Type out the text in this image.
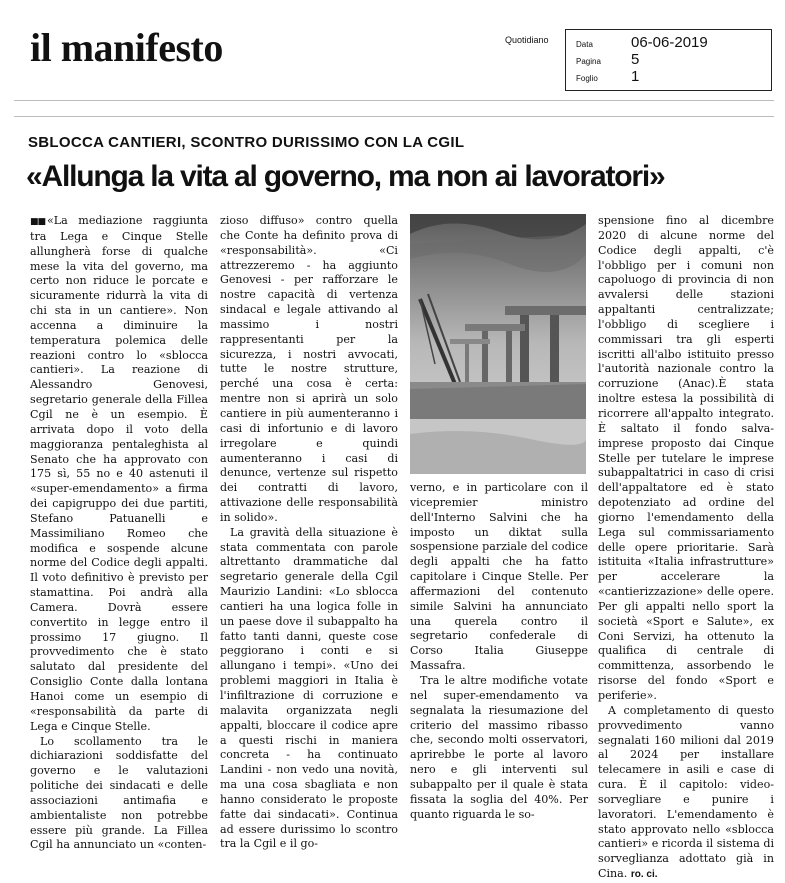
il manifesto	Quotidiano	Data	06-06-2019
Pagina	5
Foglio	1
SBLOCCA CANTIERI, SCONTRO DURISSIMO CON LA CGIL
«Allunga la vita al governo, ma non ai lavoratori»

■■ «La mediazione raggiunta tra Lega e Cinque Stelle allungherà forse di qualche mese la vita del governo, ma certo non riduce le porcate e sicuramente ridurrà la vita di chi sta in un cantiere». Non accenna a diminuire la temperatura polemica delle reazioni contro lo «sblocca cantieri». La reazione di Alessandro Genovesi, segretario generale della Fillea Cgil ne è un esempio. È arrivata dopo il voto della maggioranza pentaleghista al Senato che ha approvato con 175 sì, 55 no e 40 astenuti il «super-emendamento» a firma dei capigruppo dei due partiti, Stefano Patuanelli e Massimiliano Romeo che modifica e sospende alcune norme del Codice degli appalti. Il voto definitivo è previsto per stamattina. Poi andrà alla Camera. Dovrà essere convertito in legge entro il prossimo 17 giugno. Il provvedimento che è stato salutato dal presidente del Consiglio Conte dalla lontana Hanoi come un esempio di «responsabilità da parte di Lega e Cinque Stelle.

Lo scollamento tra le dichiarazioni soddisfatte del governo e le valutazioni politiche dei sindacati e delle associazioni antimafia e ambientaliste non potrebbe essere più grande. La Fillea Cgil ha annunciato un «conten-

zioso diffuso» contro quella che Conte ha definito prova di «responsabilità». «Ci attrezzeremo - ha aggiunto Genovesi - per rafforzare le nostre capacità di vertenza sindacal e legale attivando al massimo i nostri rappresentanti per la sicurezza, i nostri avvocati, tutte le nostre strutture, perché una cosa è certa: mentre non si aprirà un solo cantiere in più aumenteranno i casi di infortunio e di lavoro irregolare e quindi aumenteranno i casi di denunce, vertenze sul rispetto dei contratti di lavoro, attivazione delle responsabilità in solido».

La gravità della situazione è stata commentata con parole altrettanto drammatiche dal segretario generale della Cgil Maurizio Landini: «Lo sblocca cantieri ha una logica folle in un paese dove il subappalto ha fatto tanti danni, queste cose peggiorano i conti e si allungano i tempi». «Uno dei problemi maggiori in Italia è l'infiltrazione di corruzione e malavita organizzata negli appalti, bloccare il codice apre a questi rischi in maniera concreta - ha continuato Landini - non vedo una novità, ma una cosa sbagliata e non hanno considerato le proposte fatte dai sindacati». Continua ad essere durissimo lo scontro tra la Cgil e il go-

verno, e in particolare con il vicepremier ministro dell'Interno Salvini che ha imposto un diktat sulla sospensione parziale del codice degli appalti che ha fatto capitolare i Cinque Stelle. Per affermazioni del contenuto simile Salvini ha annunciato una querela contro il segretario confederale di Corso Italia Giuseppe Massafra.

Tra le altre modifiche votate nel super-emendamento va segnalata la riesumazione del criterio del massimo ribasso che, secondo molti osservatori, aprirebbe le porte al lavoro nero e gli interventi sul subappalto per il quale è stata fissata la soglia del 40%. Per quanto riguarda le so-

spensione fino al dicembre 2020 di alcune norme del Codice degli appalti, c'è l'obbligo per i comuni non capoluogo di provincia di non avvalersi delle stazioni appaltanti centralizzate; l'obbligo di scegliere i commissari tra gli esperti iscritti all'albo istituito presso l'autorità nazionale contro la corruzione (Anac).È stata inoltre estesa la possibilità di ricorrere all'appalto integrato. È saltato il fondo salva-imprese proposto dai Cinque Stelle per tutelare le imprese subappaltatrici in caso di crisi dell'appaltatore ed è stato depotenziato ad ordine del giorno l'emendamento della Lega sul commissariamento delle opere prioritarie. Sarà istituita «Italia infrastrutture» per accelerare la «cantierizzazione» delle opere. Per gli appalti nello sport la società «Sport e Salute», ex Coni Servizi, ha ottenuto la qualifica di centrale di committenza, assorbendo le risorse del fondo «Sport e periferie».

A completamento di questo provvedimento vanno segnalati 160 milioni dal 2019 al 2024 per installare telecamere in asili e case di cura. È il capitolo: video-sorvegliare e punire i lavoratori. L'emendamento è stato approvato nello «sblocca cantieri» e ricorda il sistema di sorveglianza adottato già in Cina. ro. ci.
